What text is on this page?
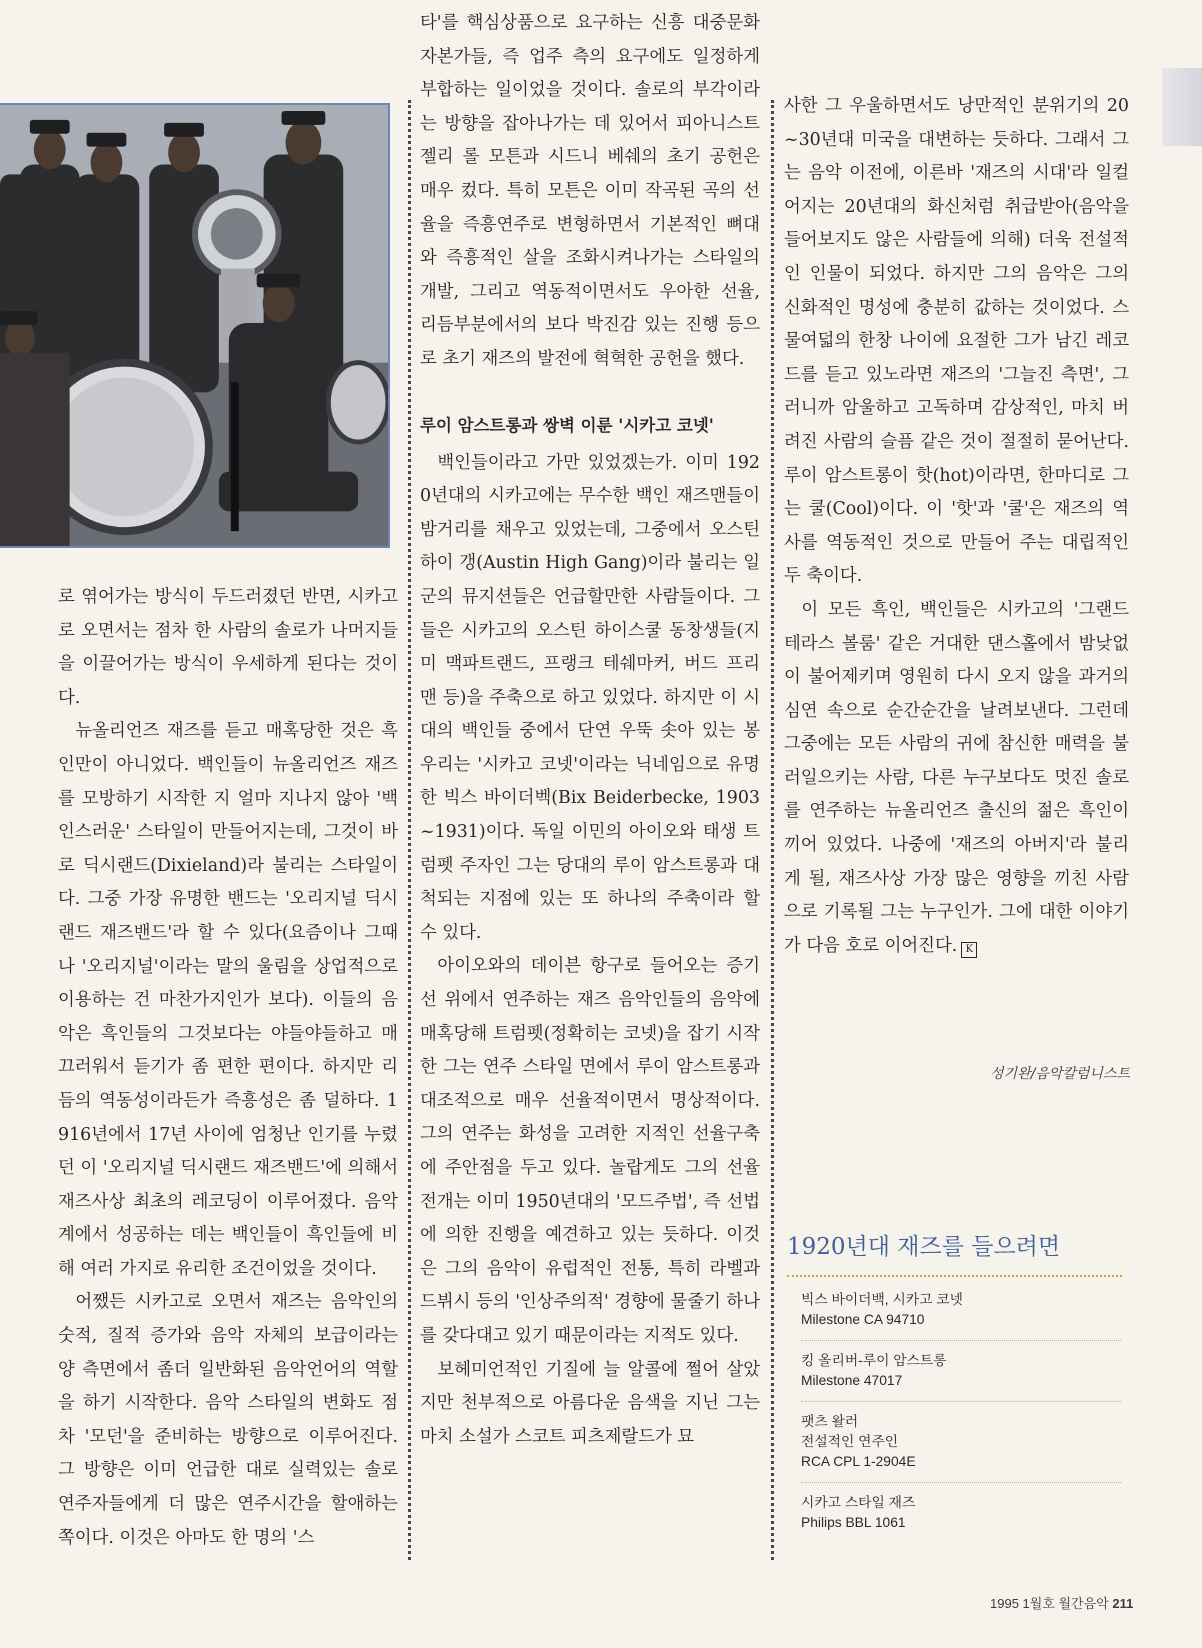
로 엮어가는 방식이 두드러졌던 반면, 시카고로 오면서는 점차 한 사람의 솔로가 나머지들을 이끌어가는 방식이 우세하게 된다는 것이다.

뉴올리언즈 재즈를 듣고 매혹당한 것은 흑인만이 아니었다. 백인들이 뉴올리언즈 재즈를 모방하기 시작한 지 얼마 지나지 않아 '백인스러운' 스타일이 만들어지는데, 그것이 바로 딕시랜드(Dixieland)라 불리는 스타일이다. 그중 가장 유명한 밴드는 '오리지널 딕시랜드 재즈밴드'라 할 수 있다(요즘이나 그때나 '오리지널'이라는 말의 울림을 상업적으로 이용하는 건 마찬가지인가 보다). 이들의 음악은 흑인들의 그것보다는 야들야들하고 매끄러워서 듣기가 좀 편한 편이다. 하지만 리듬의 역동성이라든가 즉흥성은 좀 덜하다. 1916년에서 17년 사이에 엄청난 인기를 누렸던 이 '오리지널 딕시랜드 재즈밴드'에 의해서 재즈사상 최초의 레코딩이 이루어졌다. 음악계에서 성공하는 데는 백인들이 흑인들에 비해 여러 가지로 유리한 조건이었을 것이다.

어쨌든 시카고로 오면서 재즈는 음악인의 숫적, 질적 증가와 음악 자체의 보급이라는 양 측면에서 좀더 일반화된 음악언어의 역할을 하기 시작한다. 음악 스타일의 변화도 점차 '모던'을 준비하는 방향으로 이루어진다. 그 방향은 이미 언급한 대로 실력있는 솔로 연주자들에게 더 많은 연주시간을 할애하는 쪽이다. 이것은 아마도 한 명의 '스

타'를 핵심상품으로 요구하는 신흥 대중문화 자본가들, 즉 업주 측의 요구에도 일정하게 부합하는 일이었을 것이다. 솔로의 부각이라는 방향을 잡아나가는 데 있어서 피아니스트 젤리 롤 모튼과 시드니 베쉐의 초기 공헌은 매우 컸다. 특히 모튼은 이미 작곡된 곡의 선율을 즉흥연주로 변형하면서 기본적인 뼈대와 즉흥적인 살을 조화시켜나가는 스타일의 개발, 그리고 역동적이면서도 우아한 선율, 리듬부분에서의 보다 박진감 있는 진행 등으로 초기 재즈의 발전에 혁혁한 공헌을 했다.

루이 암스트롱과 쌍벽 이룬 '시카고 코넷'

백인들이라고 가만 있었겠는가. 이미 1920년대의 시카고에는 무수한 백인 재즈맨들이 밤거리를 채우고 있었는데, 그중에서 오스틴 하이 갱(Austin High Gang)이라 불리는 일군의 뮤지션들은 언급할만한 사람들이다. 그들은 시카고의 오스틴 하이스쿨 동창생들(지미 맥파트랜드, 프랭크 테쉐마커, 버드 프리맨 등)을 주축으로 하고 있었다. 하지만 이 시대의 백인들 중에서 단연 우뚝 솟아 있는 봉우리는 '시카고 코넷'이라는 닉네임으로 유명한 빅스 바이더벡(Bix Beiderbecke, 1903~1931)이다. 독일 이민의 아이오와 태생 트럼펫 주자인 그는 당대의 루이 암스트롱과 대척되는 지점에 있는 또 하나의 주축이라 할 수 있다.

아이오와의 데이븐 항구로 들어오는 증기선 위에서 연주하는 재즈 음악인들의 음악에 매혹당해 트럼펫(정확히는 코넷)을 잡기 시작한 그는 연주 스타일 면에서 루이 암스트롱과 대조적으로 매우 선율적이면서 명상적이다. 그의 연주는 화성을 고려한 지적인 선율구축에 주안점을 두고 있다. 놀랍게도 그의 선율전개는 이미 1950년대의 '모드주법', 즉 선법에 의한 진행을 예견하고 있는 듯하다. 이것은 그의 음악이 유럽적인 전통, 특히 라벨과 드뷔시 등의 '인상주의적' 경향에 물줄기 하나를 갖다대고 있기 때문이라는 지적도 있다.

보헤미언적인 기질에 늘 알콜에 쩔어 살았지만 천부적으로 아름다운 음색을 지닌 그는 마치 소설가 스코트 피츠제랄드가 묘

사한 그 우울하면서도 낭만적인 분위기의 20~30년대 미국을 대변하는 듯하다. 그래서 그는 음악 이전에, 이른바 '재즈의 시대'라 일컬어지는 20년대의 화신처럼 취급받아(음악을 들어보지도 않은 사람들에 의해) 더욱 전설적인 인물이 되었다. 하지만 그의 음악은 그의 신화적인 명성에 충분히 값하는 것이었다. 스물여덟의 한창 나이에 요절한 그가 남긴 레코드를 듣고 있노라면 재즈의 '그늘진 측면', 그러니까 암울하고 고독하며 감상적인, 마치 버려진 사람의 슬픔 같은 것이 절절히 묻어난다. 루이 암스트롱이 핫(hot)이라면, 한마디로 그는 쿨(Cool)이다. 이 '핫'과 '쿨'은 재즈의 역사를 역동적인 것으로 만들어 주는 대립적인 두 축이다.

이 모든 흑인, 백인들은 시카고의 '그랜드 테라스 볼룸' 같은 거대한 댄스홀에서 밤낮없이 불어제키며 영원히 다시 오지 않을 과거의 심연 속으로 순간순간을 날려보낸다. 그런데 그중에는 모든 사람의 귀에 참신한 매력을 불러일으키는 사람, 다른 누구보다도 멋진 솔로를 연주하는 뉴올리언즈 출신의 젊은 흑인이 끼어 있었다. 나중에 '재즈의 아버지'라 불리게 될, 재즈사상 가장 많은 영향을 끼친 사람으로 기록될 그는 누구인가. 그에 대한 이야기가 다음 호로 이어진다. K

성기완/음악칼럼니스트
1920년대 재즈를 들으려면
빅스 바이더백, 시카고 코넷
Milestone CA 94710
킹 올리버-루이 암스트롱
Milestone 47017
팻츠 왈러
전설적인 연주인
RCA CPL 1-2904E
시카고 스타일 재즈
Philips BBL 1061
1995 1월호 월간음악 211
